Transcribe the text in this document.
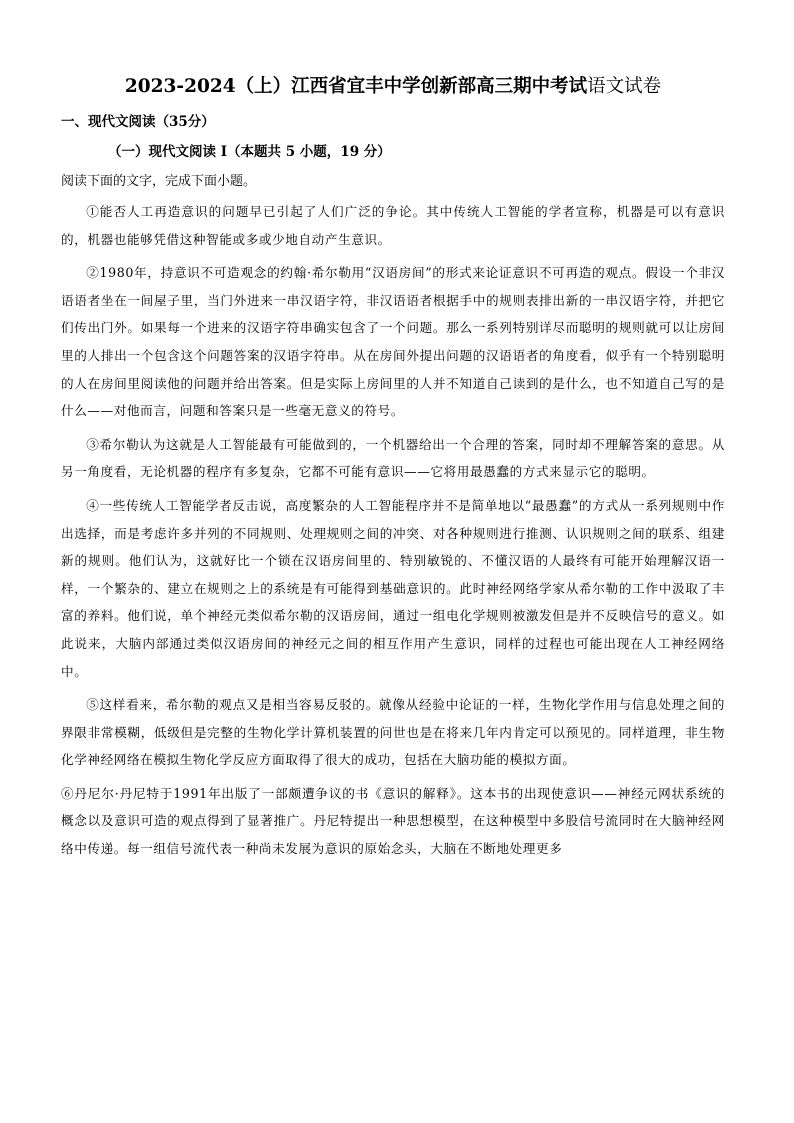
2023-2024（上）江西省宜丰中学创新部高三期中考试语文试卷
一、现代文阅读（35分）
（一）现代文阅读 I（本题共 5 小题，19 分）
阅读下面的文字，完成下面小题。

①能否人工再造意识的问题早已引起了人们广泛的争论。其中传统人工智能的学者宣称，机器是可以有意识的，机器也能够凭借这种智能或多或少地自动产生意识。

②1980年，持意识不可造观念的约翰·希尔勒用“汉语房间”的形式来论证意识不可再造的观点。假设一个非汉语语者坐在一间屋子里，当门外进来一串汉语字符，非汉语语者根据手中的规则表排出新的一串汉语字符，并把它们传出门外。如果每一个进来的汉语字符串确实包含了一个问题。那么一系列特别详尽而聪明的规则就可以让房间里的人排出一个包含这个问题答案的汉语字符串。从在房间外提出问题的汉语语者的角度看，似乎有一个特别聪明的人在房间里阅读他的问题并给出答案。但是实际上房间里的人并不知道自己读到的是什么，也不知道自己写的是什么——对他而言，问题和答案只是一些毫无意义的符号。

③希尔勒认为这就是人工智能最有可能做到的，一个机器给出一个合理的答案，同时却不理解答案的意思。从另一角度看，无论机器的程序有多复杂，它都不可能有意识——它将用最愚蠢的方式来显示它的聪明。

④一些传统人工智能学者反击说，高度繁杂的人工智能程序并不是简单地以“最愚蠢”的方式从一系列规则中作出选择，而是考虑许多并列的不同规则、处理规则之间的冲突、对各种规则进行推测、认识规则之间的联系、组建新的规则。他们认为，这就好比一个锁在汉语房间里的、特别敏锐的、不懂汉语的人最终有可能开始理解汉语一样，一个繁杂的、建立在规则之上的系统是有可能得到基础意识的。此时神经网络学家从希尔勒的工作中汲取了丰富的养料。他们说，单个神经元类似希尔勒的汉语房间，通过一组电化学规则被激发但是并不反映信号的意义。如此说来，大脑内部通过类似汉语房间的神经元之间的相互作用产生意识，同样的过程也可能出现在人工神经网络中。

⑤这样看来，希尔勒的观点又是相当容易反驳的。就像从经验中论证的一样，生物化学作用与信息处理之间的界限非常模糊，低级但是完整的生物化学计算机装置的问世也是在将来几年内肯定可以预见的。同样道理，非生物化学神经网络在模拟生物化学反应方面取得了很大的成功，包括在大脑功能的模拟方面。

⑥丹尼尔·丹尼特于1991年出版了一部颇遭争议的书《意识的解释》。这本书的出现使意识——神经元网状系统的概念以及意识可造的观点得到了显著推广。丹尼特提出一种思想模型，在这种模型中多股信号流同时在大脑神经网络中传递。每一组信号流代表一种尚未发展为意识的原始念头，大脑在不断地处理更多
